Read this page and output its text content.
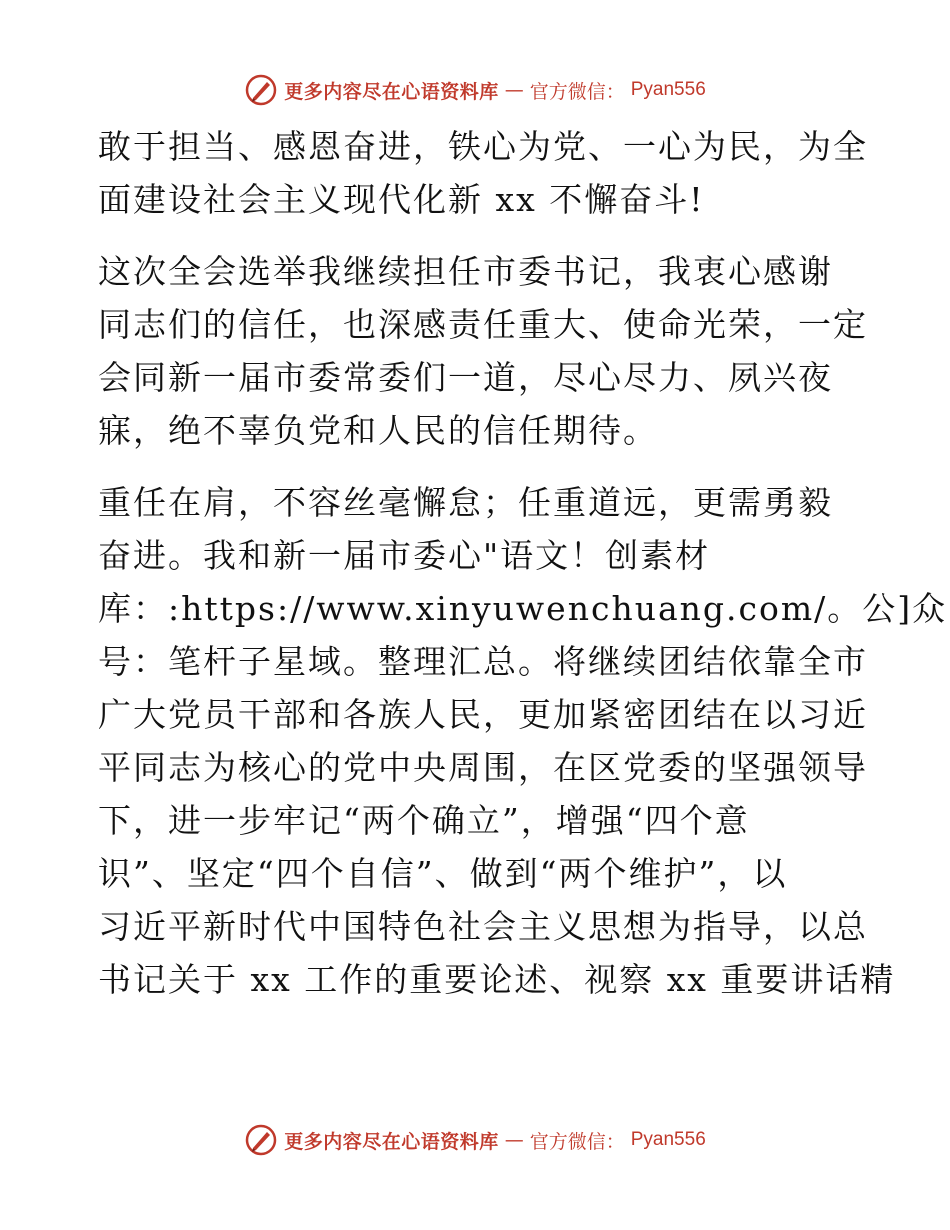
更多内容尽在心语资料库 — 官方微信： Pyan556
敢于担当、感恩奋进，铁心为党、一心为民，为全
面建设社会主义现代化新 xx 不懈奋斗!
这次全会选举我继续担任市委书记，我衷心感谢
同志们的信任，也深感责任重大、使命光荣，一定
会同新一届市委常委们一道，尽心尽力、夙兴夜
寐，绝不辜负党和人民的信任期待。
重任在肩，不容丝毫懈怠；任重道远，更需勇毅
奋进。我和新一届市委心"语文！创素材
库：:https://www.xinyuwenchuang.com/。公]众
号：笔杆子星域。整理汇总。将继续团结依靠全市
广大党员干部和各族人民，更加紧密团结在以习近
平同志为核心的党中央周围，在区党委的坚强领导
下，进一步牢记“两个确立”，增强“四个意
识”、坚定“四个自信”、做到“两个维护”，以
习近平新时代中国特色社会主义思想为指导，以总
书记关于 xx 工作的重要论述、视察 xx 重要讲话精
更多内容尽在心语资料库 — 官方微信： Pyan556
